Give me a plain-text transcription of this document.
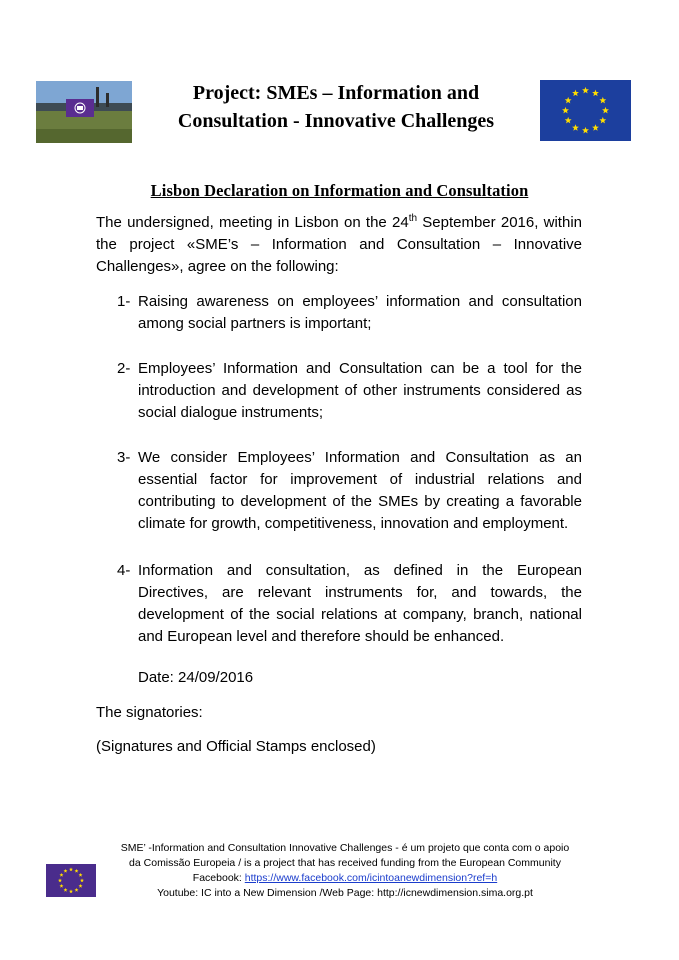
Project: SMEs – Information and
Consultation - Innovative Challenges
Lisbon Declaration on Information and Consultation
The undersigned, meeting in Lisbon on the 24th September 2016, within the project «SME’s – Information and Consultation – Innovative Challenges», agree on the following:
1- Raising awareness on employees’ information and consultation among social partners is important;
2- Employees’ Information and Consultation can be a tool for the introduction and development of other instruments considered as social dialogue instruments;
3- We consider Employees’ Information and Consultation as an essential factor for improvement of industrial relations and contributing to development of the SMEs by creating a favorable climate for growth, competitiveness, innovation and employment.
4- Information and consultation, as defined in the European Directives, are relevant instruments for, and towards, the development of the social relations at company, branch, national and European level and therefore should be enhanced.
Date: 24/09/2016
The signatories:
(Signatures and Official Stamps enclosed)
SME’ -Information and Consultation Innovative Challenges - é um projeto que conta com o apoio
da Comissão Europeia / is a project that has received funding from the European Community
Facebook: https://www.facebook.com/icintoanewdimension?ref=h
Youtube: IC into a New Dimension /Web Page: http://icnewdimension.sima.org.pt
